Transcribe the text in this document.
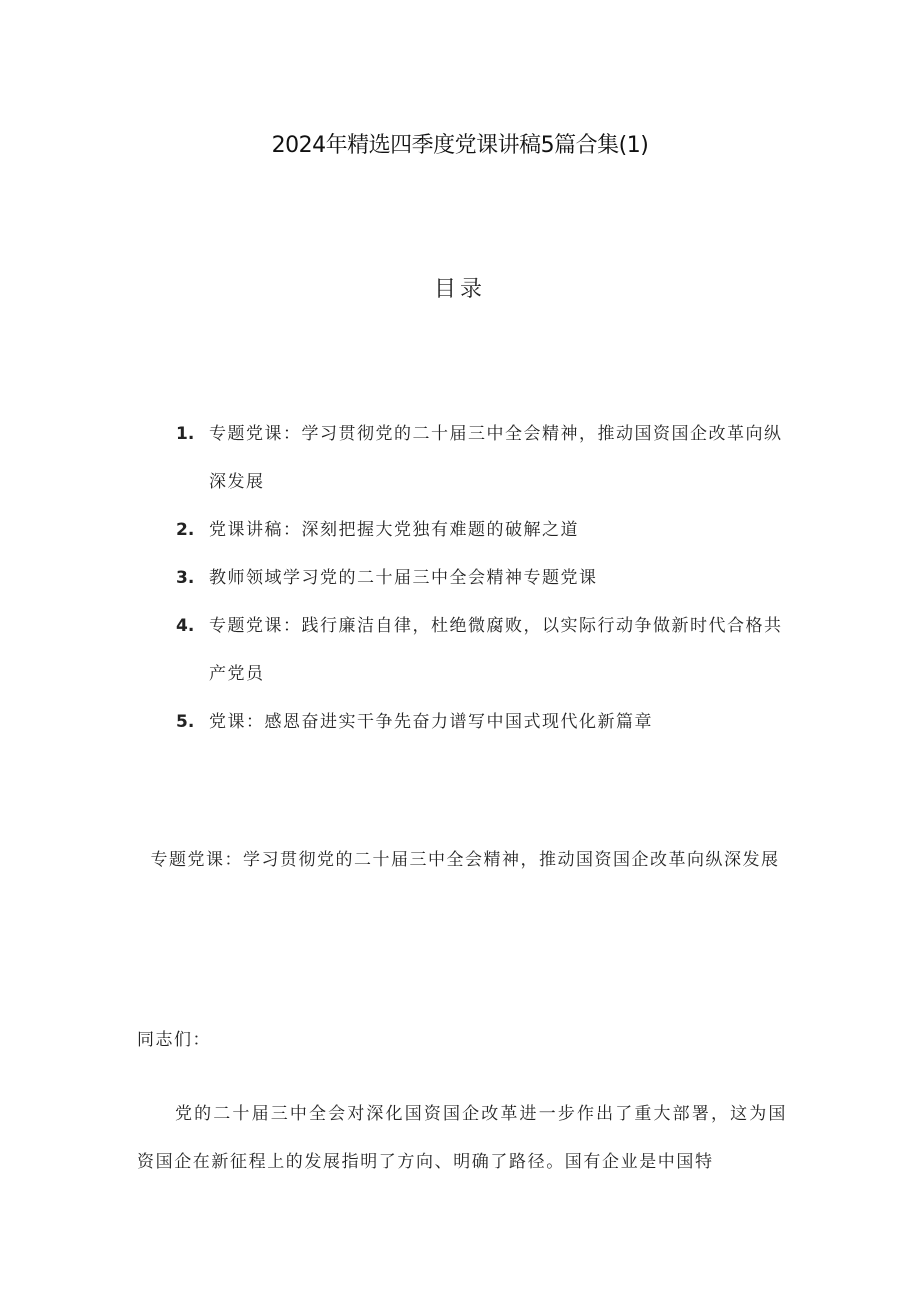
2024年精选四季度党课讲稿5篇合集(1)
目录
1. 专题党课：学习贯彻党的二十届三中全会精神，推动国资国企改革向纵深发展
2. 党课讲稿：深刻把握大党独有难题的破解之道
3. 教师领域学习党的二十届三中全会精神专题党课
4. 专题党课：践行廉洁自律，杜绝微腐败，以实际行动争做新时代合格共产党员
5. 党课：感恩奋进实干争先奋力谱写中国式现代化新篇章
专题党课：学习贯彻党的二十届三中全会精神，推动国资国企改革向纵深发展
同志们：
党的二十届三中全会对深化国资国企改革进一步作出了重大部署，这为国资国企在新征程上的发展指明了方向、明确了路径。国有企业是中国特
